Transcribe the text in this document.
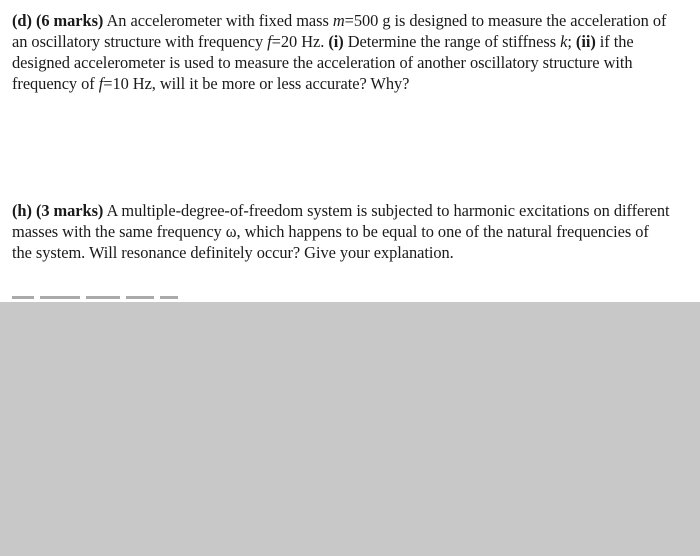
(d) (6 marks) An accelerometer with fixed mass m=500 g is designed to measure the acceleration of an oscillatory structure with frequency f=20 Hz. (i) Determine the range of stiffness k; (ii) if the designed accelerometer is used to measure the acceleration of another oscillatory structure with frequency of f=10 Hz, will it be more or less accurate? Why?

(h) (3 marks) A multiple-degree-of-freedom system is subjected to harmonic excitations on different masses with the same frequency ω, which happens to be equal to one of the natural frequencies of the system. Will resonance definitely occur? Give your explanation.
